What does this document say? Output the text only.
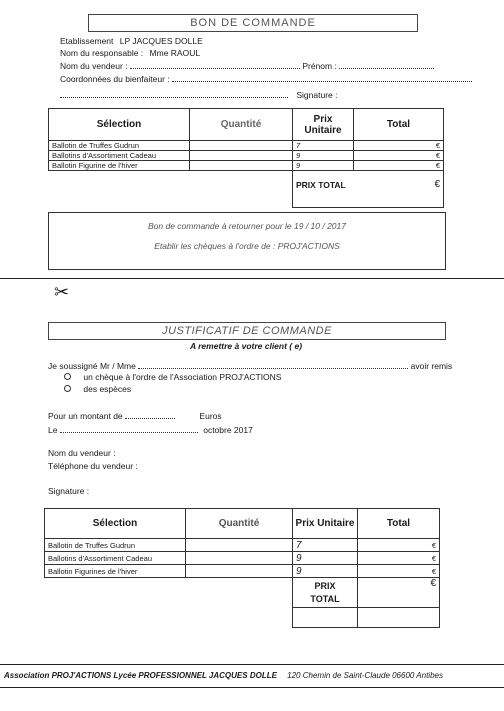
BON DE COMMANDE
Etablissement LP JACQUES DOLLE
Nom du responsable : Mme RAOUL
Nom du vendeur :	Prénom :
Coordonnées du bienfaiteur :
Signature :
Sélection	Quantité	Prix Unitaire	Total
Ballotin de Truffes Gudrun		7	€

Ballotins d'Assortiment Cadeau		9	€

Ballotin Figurine de l'hiver		9	€

		PRIX TOTAL	€

Bon de commande à retourner pour le 19 / 10 / 2017
Etablir les chèques à l'ordre de : PROJ'ACTIONS
✂
JUSTIFICATIF DE COMMANDE
A remettre à votre client ( e)
Je soussigné Mr / Mme	avoir remis
un chèque à l'ordre de l'Association PROJ'ACTIONS
des espèces
Pour un montant de	Euros
Le	octobre 2017
Nom du vendeur :
Téléphone du vendeur :
Signature :
Sélection	Quantité	Prix Unitaire	Total
Ballotin de Truffes Gudrun		7	€

Ballotins d'Assortiment Cadeau		9	€

Ballotin Figurines de l'hiver		9	€

		PRIX
TOTAL	€

Association PROJ'ACTIONS Lycée PROFESSIONNEL JACQUES DOLLE 120 Chemin de Saint-Claude 06600 Antibes
